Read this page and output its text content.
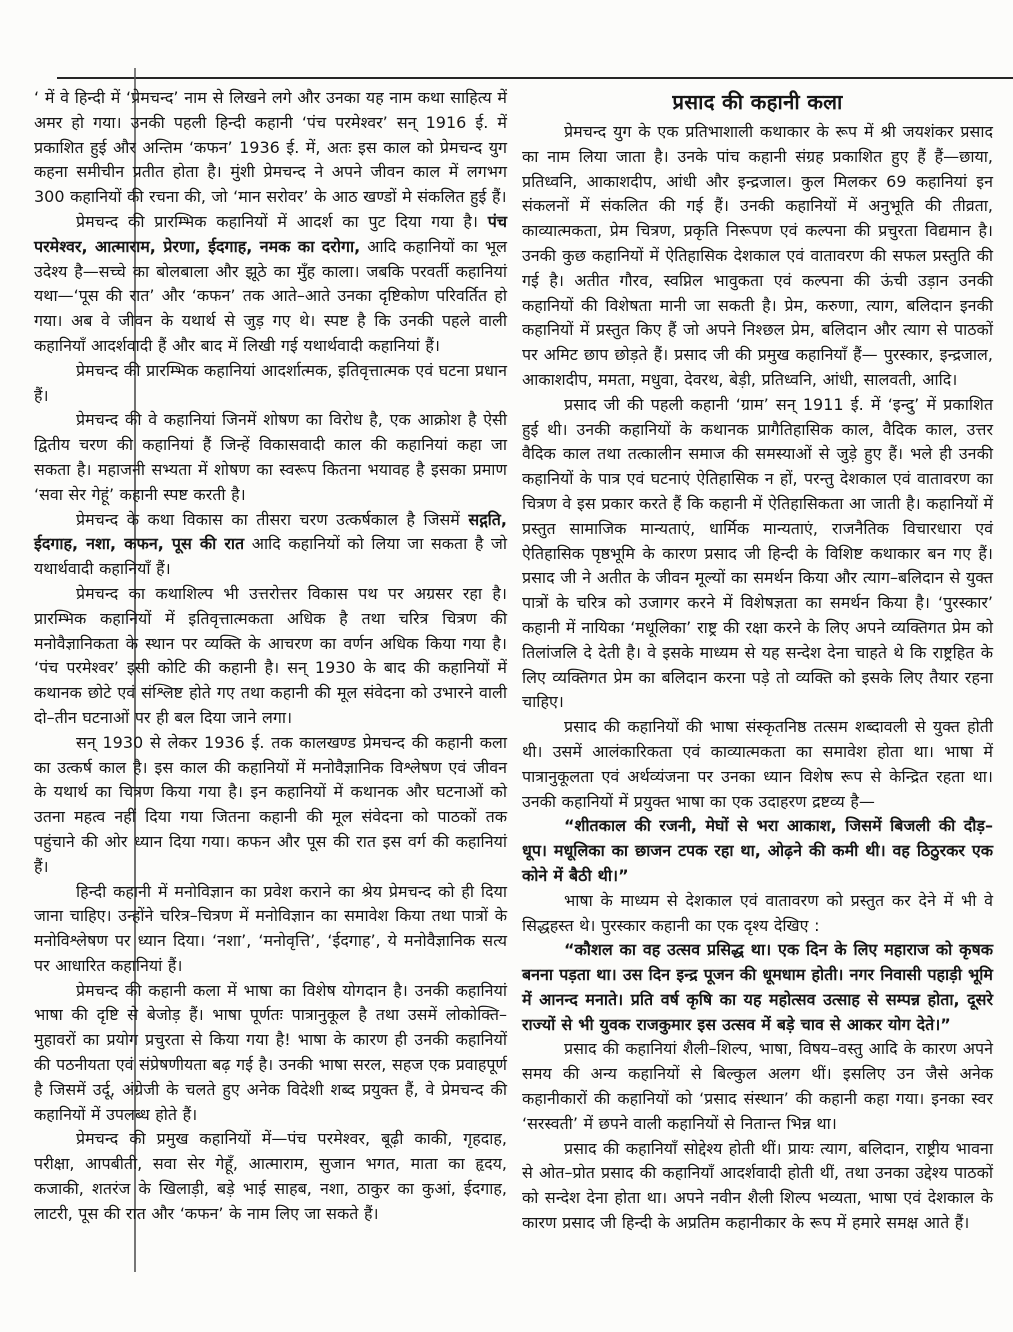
‘ में वे हिन्दी में ‘प्रेमचन्द’ नाम से लिखने लगे और उनका यह नाम कथा साहित्य में अमर हो गया। उनकी पहली हिन्दी कहानी ‘पंच परमेश्वर’ सन् 1916 ई. में प्रकाशित हुई और अन्तिम ‘कफन’ 1936 ई. में, अतः इस काल को प्रेमचन्द युग कहना समीचीन प्रतीत होता है। मुंशी प्रेमचन्द ने अपने जीवन काल में लगभग 300 कहानियों की रचना की, जो ‘मान सरोवर’ के आठ खण्डों मे संकलित हुई हैं।

प्रेमचन्द की प्रारम्भिक कहानियों में आदर्श का पुट दिया गया है। पंच परमेश्वर, आत्माराम, प्रेरणा, ईदगाह, नमक का दरोगा, आदि कहानियों का भूल उदेश्य है—सच्चे का बोलबाला और झूठे का मुँह काला। जबकि परवर्ती कहानियां यथा—‘पूस की रात’ और ‘कफन’ तक आते–आते उनका दृष्टिकोण परिवर्तित हो गया। अब वे जीवन के यथार्थ से जुड़ गए थे। स्पष्ट है कि उनकी पहले वाली कहानियाँ आदर्शवादी हैं और बाद में लिखी गई यथार्थवादी कहानियां हैं।

प्रेमचन्द की प्रारम्भिक कहानियां आदर्शात्मक, इतिवृत्तात्मक एवं घटना प्रधान हैं।

प्रेमचन्द की वे कहानियां जिनमें शोषण का विरोध है, एक आक्रोश है ऐसी द्वितीय चरण की कहानियां हैं जिन्हें विकासवादी काल की कहानियां कहा जा सकता है। महाजनी सभ्यता में शोषण का स्वरूप कितना भयावह है इसका प्रमाण ‘सवा सेर गेहूं’ कहानी स्पष्ट करती है।

प्रेमचन्द के कथा विकास का तीसरा चरण उत्कर्षकाल है जिसमें सद्गति, ईदगाह, नशा, कफन, पूस की रात आदि कहानियों को लिया जा सकता है जो यथार्थवादी कहानियाँ हैं।

प्रेमचन्द का कथाशिल्प भी उत्तरोत्तर विकास पथ पर अग्रसर रहा है। प्रारम्भिक कहानियों में इतिवृत्तात्मकता अधिक है तथा चरित्र चित्रण की मनोवैज्ञानिकता के स्थान पर व्यक्ति के आचरण का वर्णन अधिक किया गया है। ‘पंच परमेश्वर’ इसी कोटि की कहानी है। सन् 1930 के बाद की कहानियों में कथानक छोटे एवं संश्लिष्ट होते गए तथा कहानी की मूल संवेदना को उभारने वाली दो–तीन घटनाओं पर ही बल दिया जाने लगा।

सन् 1930 से लेकर 1936 ई. तक कालखण्ड प्रेमचन्द की कहानी कला का उत्कर्ष काल है। इस काल की कहानियों में मनोवैज्ञानिक विश्लेषण एवं जीवन के यथार्थ का चित्रण किया गया है। इन कहानियों में कथानक और घटनाओं को उतना महत्व नहीं दिया गया जितना कहानी की मूल संवेदना को पाठकों तक पहुंचाने की ओर ध्यान दिया गया। कफन और पूस की रात इस वर्ग की कहानियां हैं।

हिन्दी कहानी में मनोविज्ञान का प्रवेश कराने का श्रेय प्रेमचन्द को ही दिया जाना चाहिए। उन्होंने चरित्र–चित्रण में मनोविज्ञान का समावेश किया तथा पात्रों के मनोविश्लेषण पर ध्यान दिया। ‘नशा’, ‘मनोवृत्ति’, ‘ईदगाह’, ये मनोवैज्ञानिक सत्य पर आधारित कहानियां हैं।

प्रेमचन्द की कहानी कला में भाषा का विशेष योगदान है। उनकी कहानियां भाषा की दृष्टि से बेजोड़ हैं। भाषा पूर्णतः पात्रानुकूल है तथा उसमें लोकोक्ति–मुहावरों का प्रयोग प्रचुरता से किया गया है! भाषा के कारण ही उनकी कहानियों की पठनीयता एवं संप्रेषणीयता बढ़ गई है। उनकी भाषा सरल, सहज एक प्रवाहपूर्ण है जिसमें उर्दू, अंग्रेजी के चलते हुए अनेक विदेशी शब्द प्रयुक्त हैं, वे प्रेमचन्द की कहानियों में उपलब्ध होते हैं।

प्रेमचन्द की प्रमुख कहानियों में—पंच परमेश्वर, बूढ़ी काकी, गृहदाह, परीक्षा, आपबीती, सवा सेर गेहूँ, आत्माराम, सुजान भगत, माता का हृदय, कजाकी, शतरंज के खिलाड़ी, बड़े भाई साहब, नशा, ठाकुर का कुआं, ईदगाह, लाटरी, पूस की रात और ‘कफन’ के नाम लिए जा सकते हैं।

प्रसाद की कहानी कला

प्रेमचन्द युग के एक प्रतिभाशाली कथाकार के रूप में श्री जयशंकर प्रसाद का नाम लिया जाता है। उनके पांच कहानी संग्रह प्रकाशित हुए हैं हैं—छाया, प्रतिध्वनि, आकाशदीप, आंधी और इन्द्रजाल। कुल मिलकर 69 कहानियां इन संकलनों में संकलित की गई हैं। उनकी कहानियों में अनुभूति की तीव्रता, काव्यात्मकता, प्रेम चित्रण, प्रकृति निरूपण एवं कल्पना की प्रचुरता विद्यमान है। उनकी कुछ कहानियों में ऐतिहासिक देशकाल एवं वातावरण की सफल प्रस्तुति की गई है। अतीत गौरव, स्वप्निल भावुकता एवं कल्पना की ऊंची उड़ान उनकी कहानियों की विशेषता मानी जा सकती है। प्रेम, करुणा, त्याग, बलिदान इनकी कहानियों में प्रस्तुत किए हैं जो अपने निश्छल प्रेम, बलिदान और त्याग से पाठकों पर अमिट छाप छोड़ते हैं। प्रसाद जी की प्रमुख कहानियाँ हैं— पुरस्कार, इन्द्रजाल, आकाशदीप, ममता, मधुवा, देवरथ, बेड़ी, प्रतिध्वनि, आंधी, सालवती, आदि।

प्रसाद जी की पहली कहानी ‘ग्राम’ सन् 1911 ई. में ‘इन्दु’ में प्रकाशित हुई थी। उनकी कहानियों के कथानक प्रागैतिहासिक काल, वैदिक काल, उत्तर वैदिक काल तथा तत्कालीन समाज की समस्याओं से जुड़े हुए हैं। भले ही उनकी कहानियों के पात्र एवं घटनाएं ऐतिहासिक न हों, परन्तु देशकाल एवं वातावरण का चित्रण वे इस प्रकार करते हैं कि कहानी में ऐतिहासिकता आ जाती है। कहानियों में प्रस्तुत सामाजिक मान्यताएं, धार्मिक मान्यताएं, राजनैतिक विचारधारा एवं ऐतिहासिक पृष्ठभूमि के कारण प्रसाद जी हिन्दी के विशिष्ट कथाकार बन गए हैं। प्रसाद जी ने अतीत के जीवन मूल्यों का समर्थन किया और त्याग–बलिदान से युक्त पात्रों के चरित्र को उजागर करने में विशेषज्ञता का समर्थन किया है। ‘पुरस्कार’ कहानी में नायिका ‘मधूलिका’ राष्ट्र की रक्षा करने के लिए अपने व्यक्तिगत प्रेम को तिलांजलि दे देती है। वे इसके माध्यम से यह सन्देश देना चाहते थे कि राष्ट्रहित के लिए व्यक्तिगत प्रेम का बलिदान करना पड़े तो व्यक्ति को इसके लिए तैयार रहना चाहिए।

प्रसाद की कहानियों की भाषा संस्कृतनिष्ठ तत्सम शब्दावली से युक्त होती थी। उसमें आलंकारिकता एवं काव्यात्मकता का समावेश होता था। भाषा में पात्रानुकूलता एवं अर्थव्यंजना पर उनका ध्यान विशेष रूप से केन्द्रित रहता था। उनकी कहानियों में प्रयुक्त भाषा का एक उदाहरण द्रष्टव्य है—

“शीतकाल की रजनी, मेघों से भरा आकाश, जिसमें बिजली की दौड़–धूप। मधूलिका का छाजन टपक रहा था, ओढ़ने की कमी थी। वह ठिठुरकर एक कोने में बैठी थी।”

भाषा के माध्यम से देशकाल एवं वातावरण को प्रस्तुत कर देने में भी वे सिद्धहस्त थे। पुरस्कार कहानी का एक दृश्य देखिए :

“कौशल का वह उत्सव प्रसिद्ध था। एक दिन के लिए महाराज को कृषक बनना पड़ता था। उस दिन इन्द्र पूजन की धूमधाम होती। नगर निवासी पहाड़ी भूमि में आनन्द मनाते। प्रति वर्ष कृषि का यह महोत्सव उत्साह से सम्पन्न होता, दूसरे राज्यों से भी युवक राजकुमार इस उत्सव में बड़े चाव से आकर योग देते।”

प्रसाद की कहानियां शैली–शिल्प, भाषा, विषय–वस्तु आदि के कारण अपने समय की अन्य कहानियों से बिल्कुल अलग थीं। इसलिए उन जैसे अनेक कहानीकारों की कहानियों को ‘प्रसाद संस्थान’ की कहानी कहा गया। इनका स्वर ‘सरस्वती’ में छपने वाली कहानियों से नितान्त भिन्न था।

प्रसाद की कहानियाँ सोद्देश्य होती थीं। प्रायः त्याग, बलिदान, राष्ट्रीय भावना से ओत–प्रोत प्रसाद की कहानियाँ आदर्शवादी होती थीं, तथा उनका उद्देश्य पाठकों को सन्देश देना होता था। अपने नवीन शैली शिल्प भव्यता, भाषा एवं देशकाल के कारण प्रसाद जी हिन्दी के अप्रतिम कहानीकार के रूप में हमारे समक्ष आते हैं।
